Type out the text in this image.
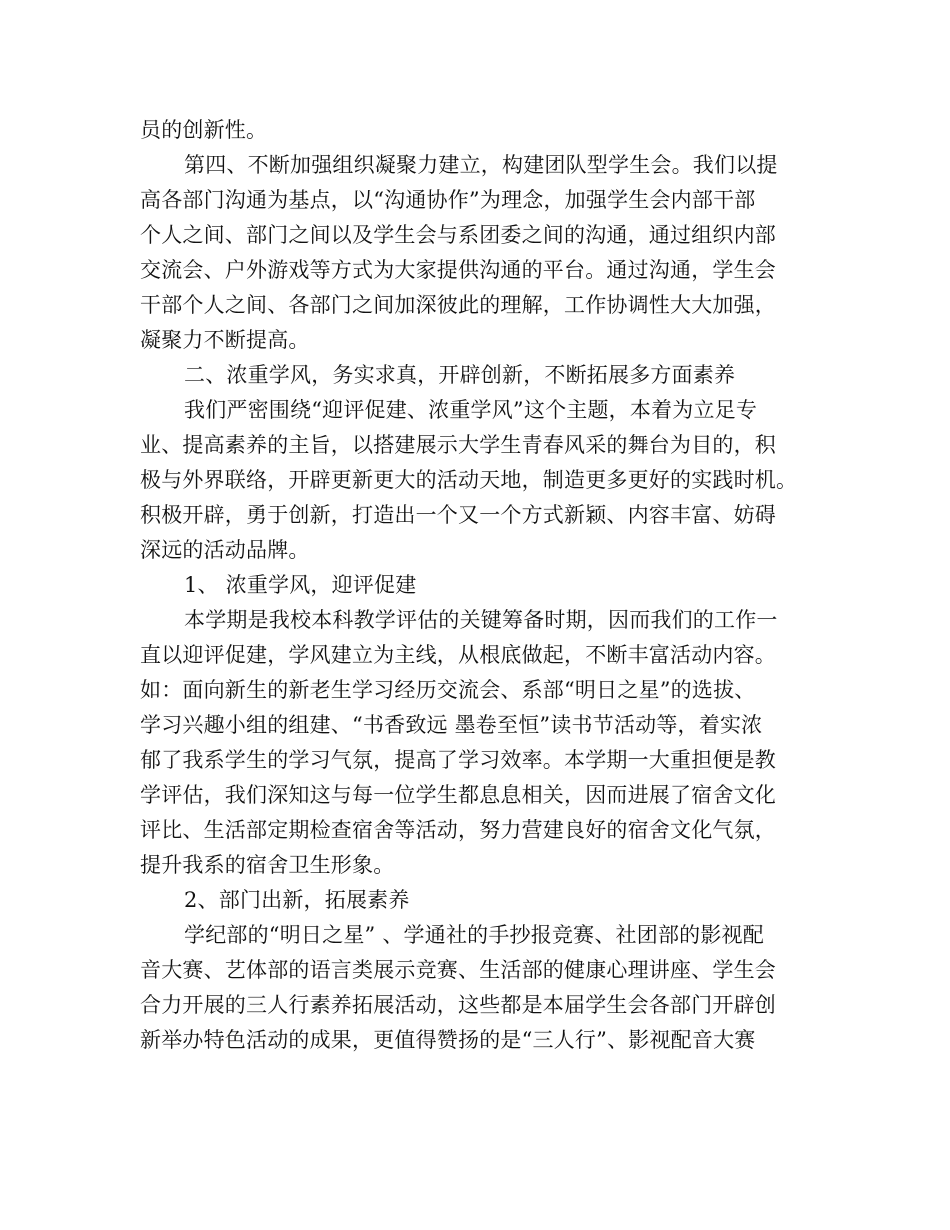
员的创新性。
第四、不断加强组织凝聚力建立，构建团队型学生会。我们以提
高各部门沟通为基点，以“沟通协作”为理念，加强学生会内部干部
个人之间、部门之间以及学生会与系团委之间的沟通，通过组织内部
交流会、户外游戏等方式为大家提供沟通的平台。通过沟通，学生会
干部个人之间、各部门之间加深彼此的理解，工作协调性大大加强，
凝聚力不断提高。
二、浓重学风，务实求真，开辟创新，不断拓展多方面素养
我们严密围绕“迎评促建、浓重学风”这个主题，本着为立足专
业、提高素养的主旨，以搭建展示大学生青春风采的舞台为目的，积
极与外界联络，开辟更新更大的活动天地，制造更多更好的实践时机。
积极开辟，勇于创新，打造出一个又一个方式新颖、内容丰富、妨碍
深远的活动品牌。
1、 浓重学风，迎评促建
本学期是我校本科教学评估的关键筹备时期，因而我们的工作一
直以迎评促建，学风建立为主线，从根底做起，不断丰富活动内容。
如：面向新生的新老生学习经历交流会、系部“明日之星”的选拔、
学习兴趣小组的组建、“书香致远 墨卷至恒”读书节活动等，着实浓
郁了我系学生的学习气氛，提高了学习效率。本学期一大重担便是教
学评估，我们深知这与每一位学生都息息相关，因而进展了宿舍文化
评比、生活部定期检查宿舍等活动，努力营建良好的宿舍文化气氛，
提升我系的宿舍卫生形象。
2、部门出新，拓展素养
学纪部的“明日之星” 、学通社的手抄报竞赛、社团部的影视配
音大赛、艺体部的语言类展示竞赛、生活部的健康心理讲座、学生会
合力开展的三人行素养拓展活动，这些都是本届学生会各部门开辟创
新举办特色活动的成果，更值得赞扬的是“三人行”、影视配音大赛
